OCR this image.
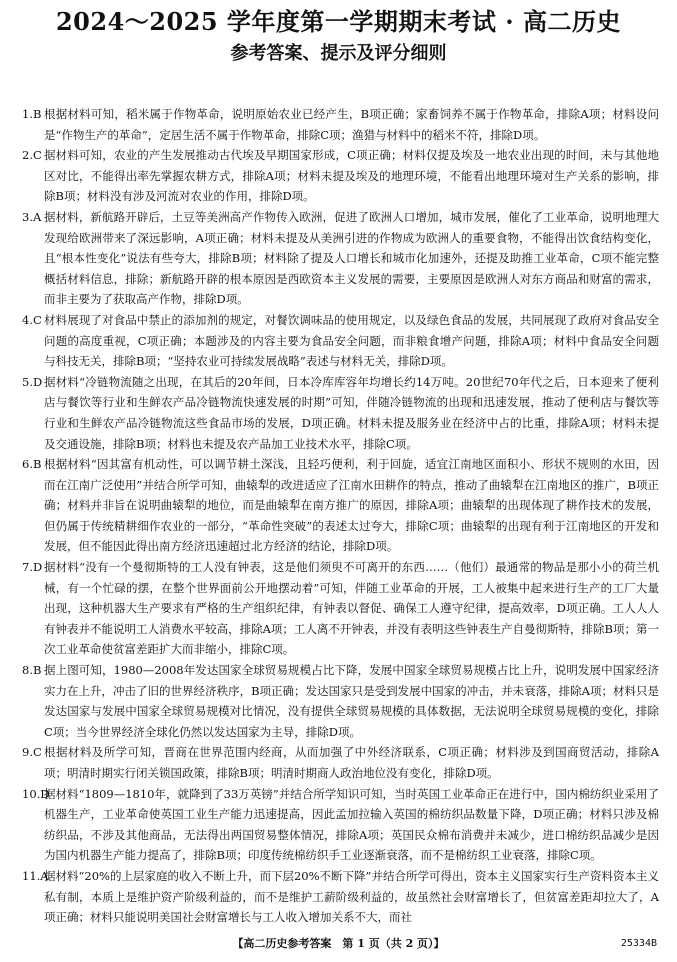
2024～2025 学年度第一学期期末考试 · 高二历史
参考答案、提示及评分细则
1.B 根据材料可知，稻米属于作物革命，说明原始农业已经产生，B项正确；家畜饲养不属于作物革命，排除A项；材料设问是“作物生产的革命”，定居生活不属于作物革命，排除C项；渔猎与材料中的稻米不符，排除D项。
2.C 据材料可知，农业的产生发展推动古代埃及早期国家形成，C项正确；材料仅提及埃及一地农业出现的时间，未与其他地区对比，不能得出率先掌握农耕方式，排除A项；材料未提及埃及的地理环境，不能看出地理环境对生产关系的影响，排除B项；材料没有涉及河流对农业的作用，排除D项。
3.A 据材料，新航路开辟后，土豆等美洲高产作物传入欧洲，促进了欧洲人口增加，城市发展，催化了工业革命，说明地理大发现给欧洲带来了深远影响，A项正确；材料未提及从美洲引进的作物成为欧洲人的重要食物，不能得出饮食结构变化，且“根本性变化”说法有些夸大，排除B项；材料除了提及人口增长和城市化加速外，还提及助推工业革命，C项不能完整概括材料信息，排除；新航路开辟的根本原因是西欧资本主义发展的需要，主要原因是欧洲人对东方商品和财富的需求，而非主要为了获取高产作物，排除D项。
4.C 材料展现了对食品中禁止的添加剂的规定，对餐饮调味品的使用规定，以及绿色食品的发展，共同展现了政府对食品安全问题的高度重视，C项正确；本题涉及的内容主要为食品安全问题，而非粮食增产问题，排除A项；材料中食品安全问题与科技无关，排除B项；“坚持农业可持续发展战略”表述与材料无关，排除D项。
5.D 据材料“冷链物流随之出现，在其后的20年间，日本冷库库容年均增长约14万吨。20世纪70年代之后，日本迎来了便利店与餐饮等行业和生鲜农产品冷链物流快速发展的时期”可知，伴随冷链物流的出现和迅速发展，推动了便利店与餐饮等行业和生鲜农产品冷链物流这些食品市场的发展，D项正确。材料未提及服务业在经济中占的比重，排除A项；材料未提及交通设施，排除B项；材料也未提及农产品加工业技术水平，排除C项。
6.B 根据材料“因其富有机动性，可以调节耕土深浅，且轻巧便利，利于回旋，适宜江南地区面积小、形状不规则的水田，因而在江南广泛使用”并结合所学可知，曲辕犁的改进适应了江南水田耕作的特点，推动了曲辕犁在江南地区的推广，B项正确；材料并非旨在说明曲辕犁的地位，而是曲辕犁在南方推广的原因，排除A项；曲辕犁的出现体现了耕作技术的发展，但仍属于传统精耕细作农业的一部分，“革命性突破”的表述太过夸大，排除C项；曲辕犁的出现有利于江南地区的开发和发展，但不能因此得出南方经济迅速超过北方经济的结论，排除D项。
7.D 据材料“没有一个曼彻斯特的工人没有钟表，这是他们须臾不可离开的东西……（他们）最通常的物品是那小小的荷兰机械，有一个忙碌的摆，在整个世界面前公开地摆动着”可知，伴随工业革命的开展，工人被集中起来进行生产的工厂大量出现，这种机器大生产要求有严格的生产组织纪律，有钟表以督促、确保工人遵守纪律，提高效率，D项正确。工人人人有钟表并不能说明工人消费水平较高，排除A项；工人离不开钟表，并没有表明这些钟表生产自曼彻斯特，排除B项；第一次工业革命使贫富差距扩大而非缩小，排除C项。
8.B 据上图可知，1980—2008年发达国家全球贸易规模占比下降，发展中国家全球贸易规模占比上升，说明发展中国家经济实力在上升，冲击了旧的世界经济秩序，B项正确；发达国家只是受到发展中国家的冲击，并未衰落，排除A项；材料只是发达国家与发展中国家全球贸易规模对比情况，没有提供全球贸易规模的具体数据，无法说明全球贸易规模的变化，排除C项；当今世界经济全球化仍然以发达国家为主导，排除D项。
9.C 根据材料及所学可知，晋商在世界范围内经商，从而加强了中外经济联系，C项正确；材料涉及到国商贸活动，排除A项；明清时期实行闭关锁国政策，排除B项；明清时期商人政治地位没有变化，排除D项。
10.D
据材料“1809—1810年，就降到了33万英镑”并结合所学知识可知，当时英国工业革命正在进行中，国内棉纺织业采用了机器生产，工业革命使英国工业生产能力迅速提高，因此孟加拉输入英国的棉纺织品数量下降，D项正确；材料只涉及棉纺织品，不涉及其他商品，无法得出两国贸易整体情况，排除A项；英国民众棉布消费并未减少，进口棉纺织品减少是因为国内机器生产能力提高了，排除B项；印度传统棉纺织手工业逐渐衰落，而不是棉纺织工业衰落，排除C项。
11.A
据材料“20%的上层家庭的收入不断上升，而下层20%不断下降”并结合所学可得出，资本主义国家实行生产资料资本主义私有制，本质上是维护资产阶级利益的，而不是维护工薪阶级利益的，故虽然社会财富增长了，但贫富差距却拉大了，A项正确；材料只能说明美国社会财富增长与工人收入增加关系不大，而社
【高二历史参考答案　第 1 页（共 2 页）】	25334B
